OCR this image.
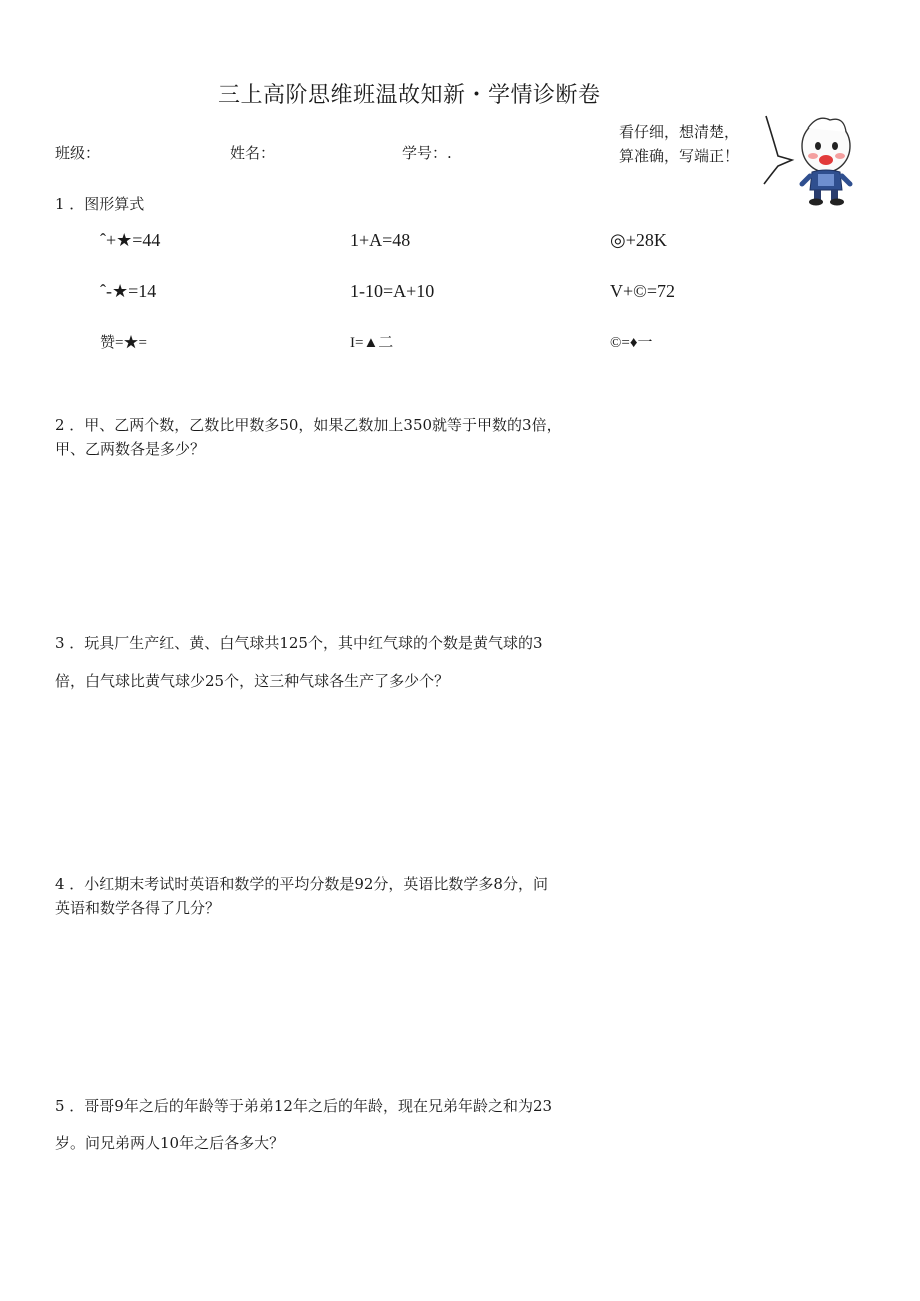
三上高阶思维班温故知新・学情诊断卷
班级：	姓名：	学号：.
看仔细，想清楚，
算准确，写端正！
1 ．图形算式
ˆ+★=44	1+A=48	◎+28K
ˆ-★=14	1-10=A+10	V+©=72
赞=★=	I=▲二	©=♦一
2 ．甲、乙两个数，乙数比甲数多50，如果乙数加上350就等于甲数的3倍，
甲、乙两数各是多少？
3 ．玩具厂生产红、黄、白气球共125个，其中红气球的个数是黄气球的3
倍，白气球比黄气球少25个，这三种气球各生产了多少个？
4 ．小红期末考试时英语和数学的平均分数是92分，英语比数学多8分，问
英语和数学各得了几分？
5 ．哥哥9年之后的年龄等于弟弟12年之后的年龄，现在兄弟年龄之和为23
岁。问兄弟两人10年之后各多大？
